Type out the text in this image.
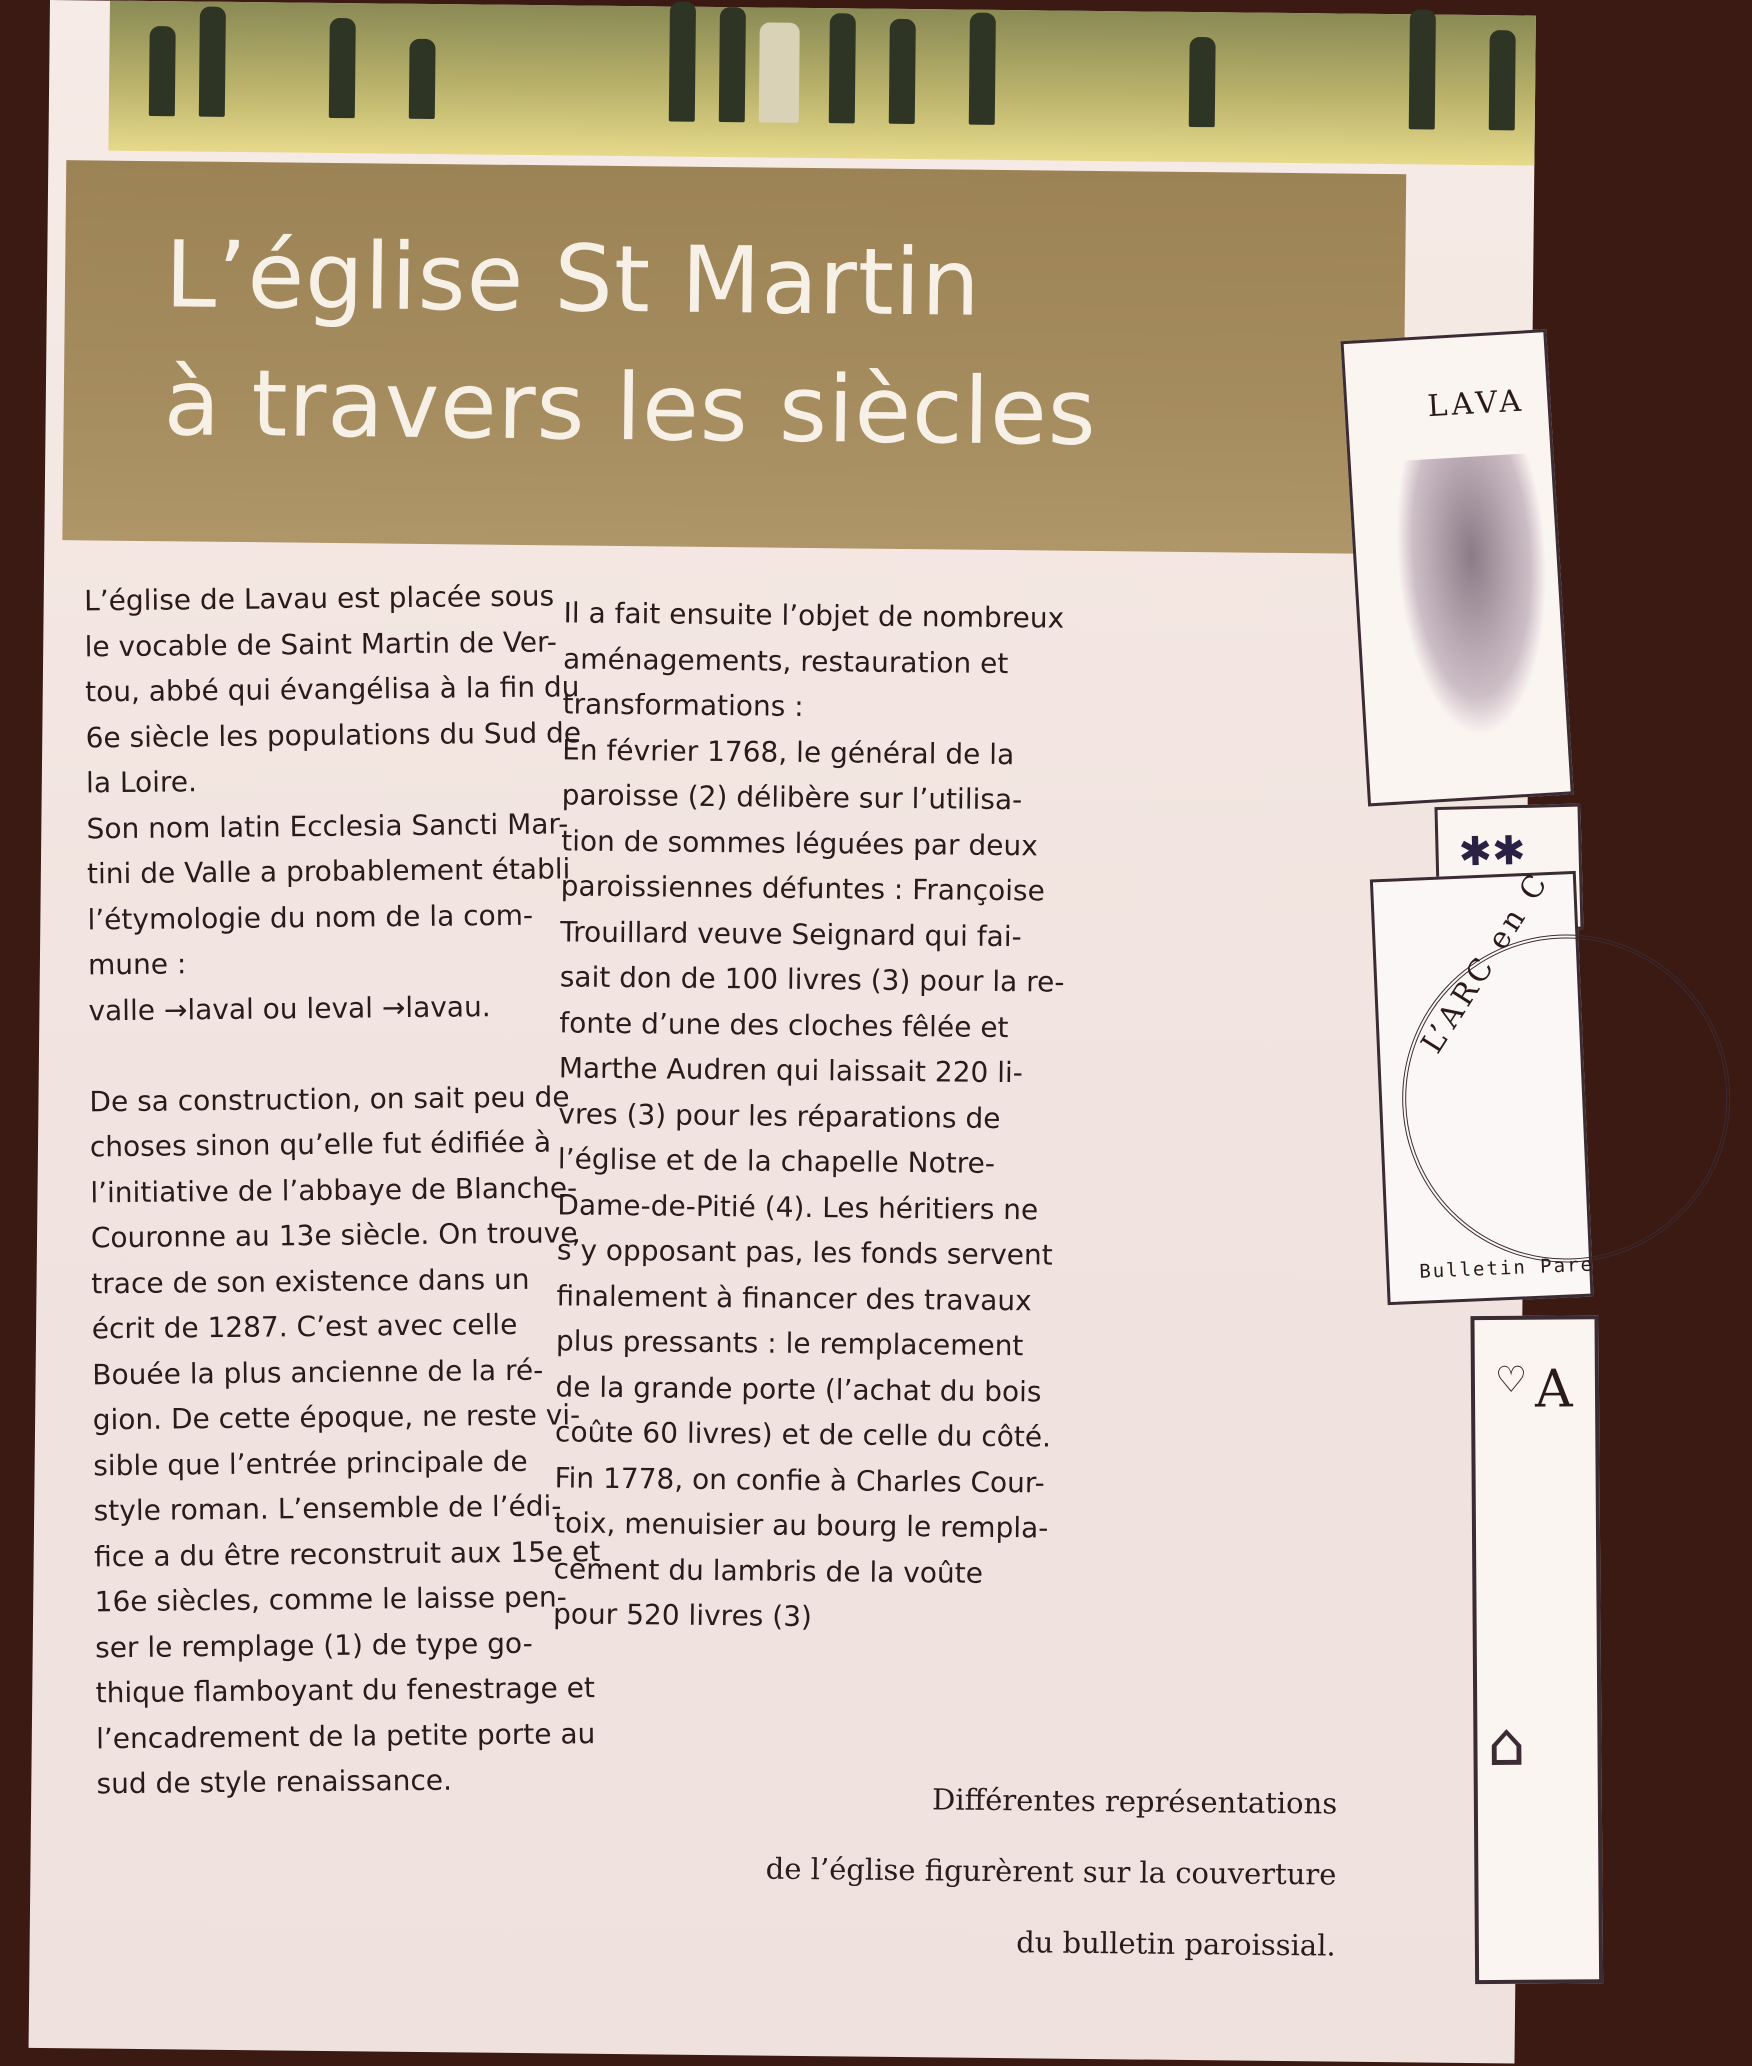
L’église St Martin
à travers les siècles

L’église de Lavau est placée sous

le vocable de Saint Martin de Ver-

tou, abbé qui évangélisa à la fin du

6e siècle les populations du Sud de

la Loire.

Son nom latin Ecclesia Sancti Mar-

tini de Valle a probablement établi

l’étymologie du nom de la com-

mune :

valle →laval ou leval →lavau.

De sa construction, on sait peu de

choses sinon qu’elle fut édifiée à

l’initiative de l’abbaye de Blanche-

Couronne au 13e siècle. On trouve

trace de son existence dans un

écrit de 1287. C’est avec celle

Bouée la plus ancienne de la ré-

gion. De cette époque, ne reste vi-

sible que l’entrée principale de

style roman. L’ensemble de l’édi-

fice a du être reconstruit aux 15e et

16e siècles, comme le laisse pen-

ser le remplage (1) de type go-

thique flamboyant du fenestrage et

l’encadrement de la petite porte au

sud de style renaissance.

Il a fait ensuite l’objet de nombreux

aménagements, restauration et

transformations :

En février 1768, le général de la

paroisse (2) délibère sur l’utilisa-

tion de sommes léguées par deux

paroissiennes défuntes : Françoise

Trouillard veuve Seignard qui fai-

sait don de 100 livres (3) pour la re-

fonte d’une des cloches fêlée et

Marthe Audren qui laissait 220 li-

vres (3) pour les réparations de

l’église et de la chapelle Notre-

Dame-de-Pitié (4). Les héritiers ne

s’y opposant pas, les fonds servent

finalement à financer des travaux

plus pressants : le remplacement

de la grande porte (l’achat du bois

coûte 60 livres) et de celle du côté.

Fin 1778, on confie à Charles Cour-

toix, menuisier au bourg le rempla-

cement du lambris de la voûte

pour 520 livres (3)

Différentes représentations

de l’église figurèrent sur la couverture

du bulletin paroissial.

LAVA
✱✱
L’ARC en C
Bulletin Pare
♡ A
⌂
